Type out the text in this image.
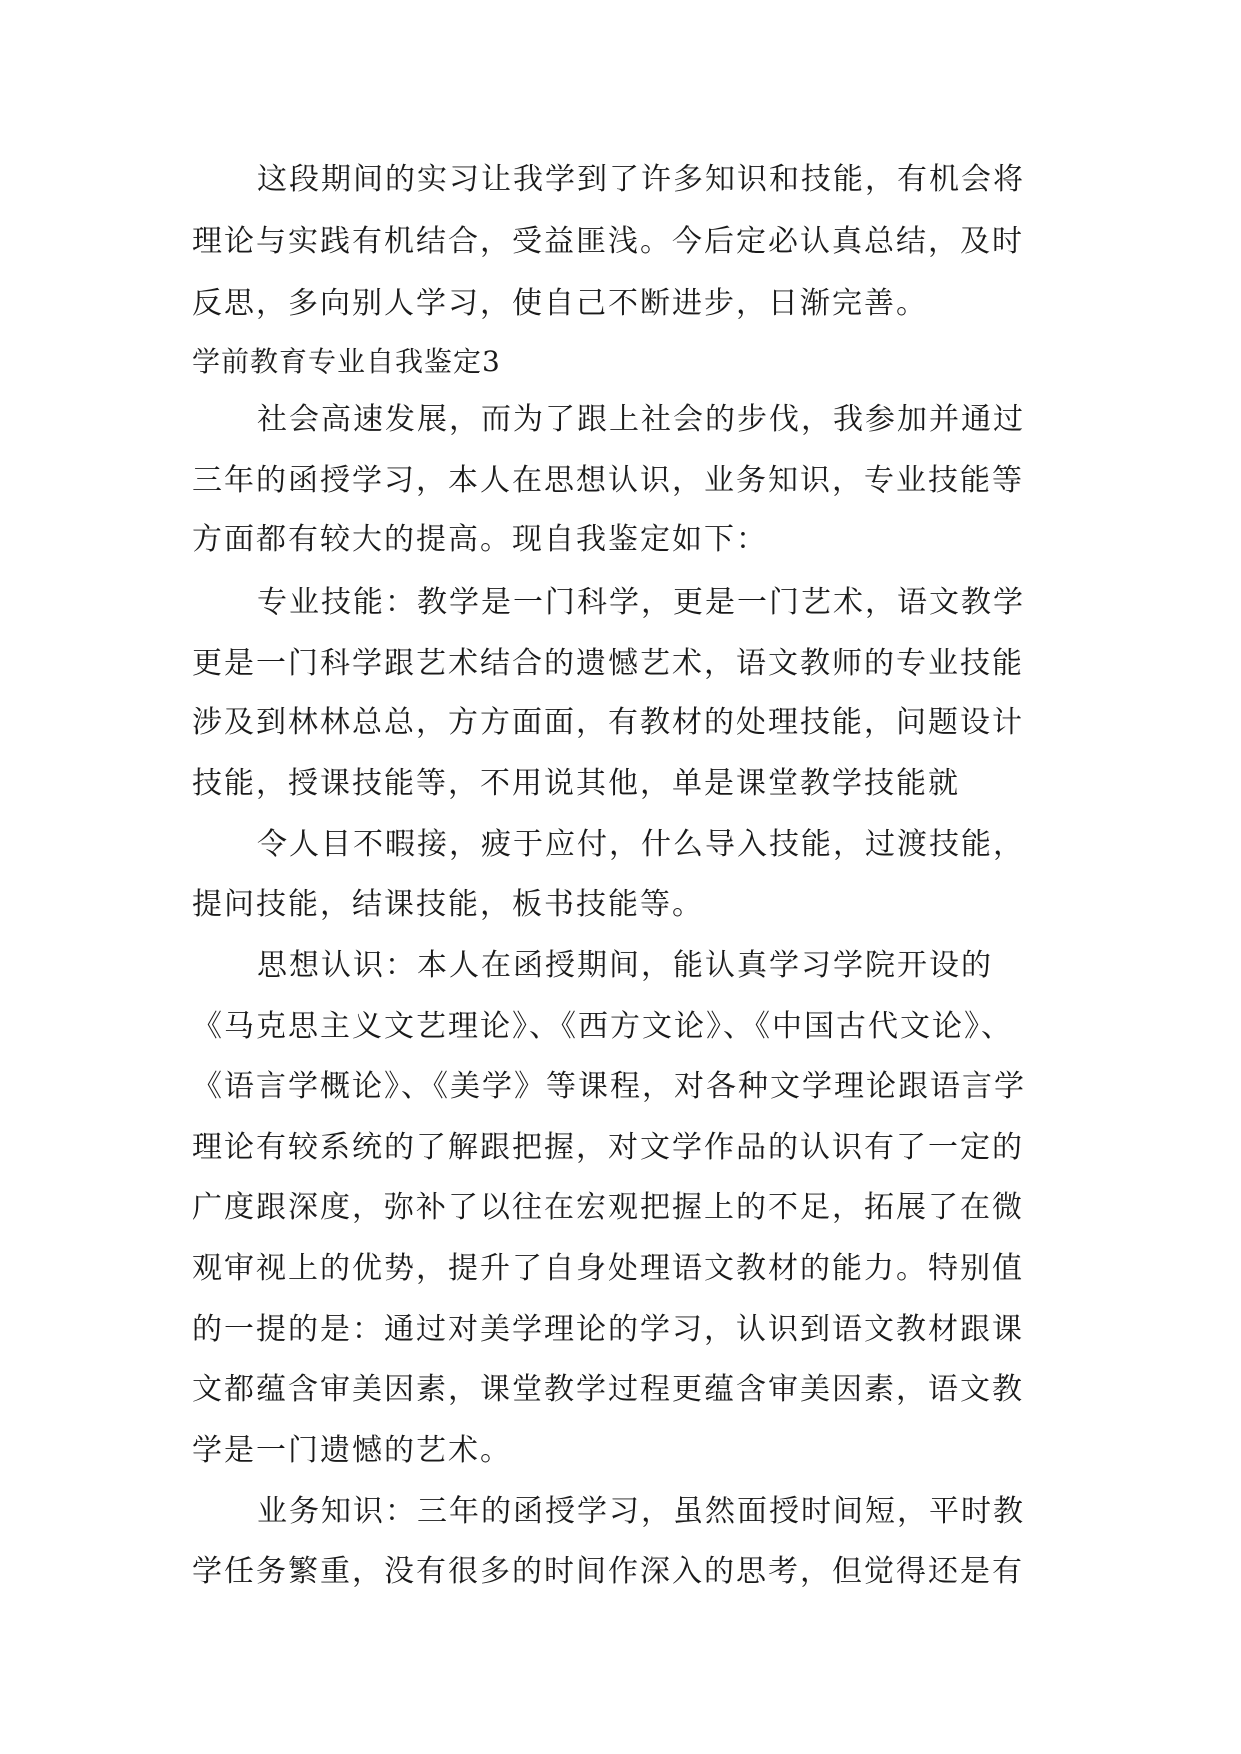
这段期间的实习让我学到了许多知识和技能，有机会将
理论与实践有机结合，受益匪浅。今后定必认真总结，及时
反思，多向别人学习，使自己不断进步，日渐完善。
学前教育专业自我鉴定3
社会高速发展，而为了跟上社会的步伐，我参加并通过
三年的函授学习，本人在思想认识，业务知识，专业技能等
方面都有较大的提高。现自我鉴定如下：
专业技能：教学是一门科学，更是一门艺术，语文教学
更是一门科学跟艺术结合的遗憾艺术，语文教师的专业技能
涉及到林林总总，方方面面，有教材的处理技能，问题设计
技能，授课技能等，不用说其他，单是课堂教学技能就
令人目不暇接，疲于应付，什么导入技能，过渡技能，
提问技能，结课技能，板书技能等。
思想认识：本人在函授期间，能认真学习学院开设的
《马克思主义文艺理论》、《西方文论》、《中国古代文论》、
《语言学概论》、《美学》等课程，对各种文学理论跟语言学
理论有较系统的了解跟把握，对文学作品的认识有了一定的
广度跟深度，弥补了以往在宏观把握上的不足，拓展了在微
观审视上的优势，提升了自身处理语文教材的能力。特别值
的一提的是：通过对美学理论的学习，认识到语文教材跟课
文都蕴含审美因素，课堂教学过程更蕴含审美因素，语文教
学是一门遗憾的艺术。
业务知识：三年的函授学习，虽然面授时间短，平时教
学任务繁重，没有很多的时间作深入的思考，但觉得还是有
